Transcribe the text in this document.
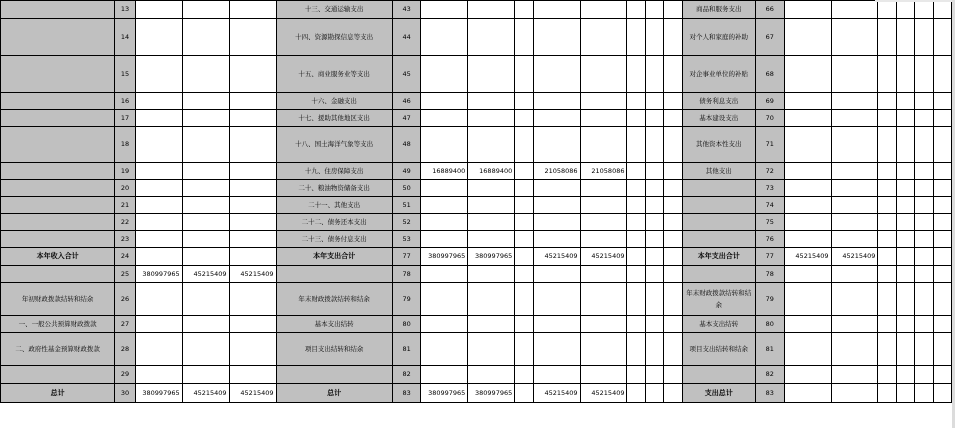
	13				十三、交通运输支出	43									商品和服务支出	66						
	14				十四、资源勘探信息等支出	44									对个人和家庭的补助	67						
	15				十五、商业服务业等支出	45									对企事业单位的补贴	68						
	16				十六、金融支出	46									债务利息支出	69						
	17				十七、援助其他地区支出	47									基本建设支出	70						
	18				十八、国土海洋气象等支出	48									其他资本性支出	71						
	19				十九、住房保障支出	49	16889400	16889400		21058086	21058086				其他支出	72						
	20				二十、粮油物资储备支出	50										73						
	21				二十一、其他支出	51										74						
	22				二十二、债务还本支出	52										75						
	23				二十三、债务付息支出	53										76						
本年收入合计	24				本年支出合计	77	380997965	380997965		45215409	45215409				本年支出合计	77	45215409	45215409				
	25	380997965	45215409	45215409		78										78						
年初财政拨款结转和结余	26				年末财政拨款结转和结余	79									年末财政拨款结转和结余	79						
一、一般公共预算财政拨款	27				基本支出结转	80									基本支出结转	80						
二、政府性基金预算财政拨款	28				项目支出结转和结余	81									项目支出结转和结余	81						
	29					82										82						
总计	30	380997965	45215409	45215409	总计	83	380997965	380997965		45215409	45215409				支出总计	83						
